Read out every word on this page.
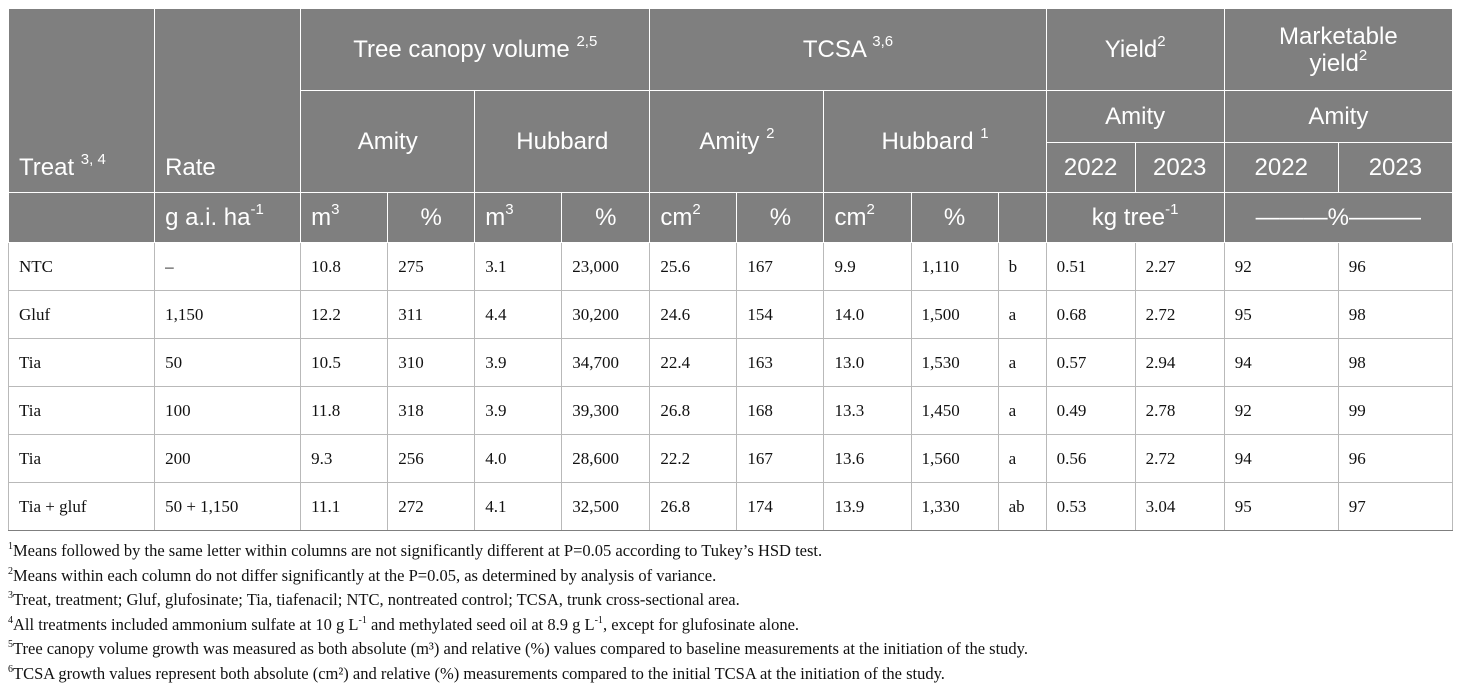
Treat $^{3, 4}$	Rate	Tree canopy volume $^{2,5}$				TCSA $^{3,6}$					Yield$^2$		Marketable
yield$^2$
		Amity		Hubbard		Amity $^2$		Hubbard $^1$			Amity		Amity	
											2022	2023	2022	2023
	g a.i. $ha^{-1}$	$m^3$	%	$m^3$	%	$cm^2$	%	$cm^2$	%		kg tree$^{-1}$		———%———	
NTC	–	10.8	275	3.1	23,000	25.6	167	9.9	1,110	b	0.51	2.27	92	96
Gluf	1,150	12.2	311	4.4	30,200	24.6	154	14.0	1,500	a	0.68	2.72	95	98
Tia	50	10.5	310	3.9	34,700	22.4	163	13.0	1,530	a	0.57	2.94	94	98
Tia	100	11.8	318	3.9	39,300	26.8	168	13.3	1,450	a	0.49	2.78	92	99
Tia	200	9.3	256	4.0	28,600	22.2	167	13.6	1,560	a	0.56	2.72	94	96
Tia + gluf	50 + 1,150	11.1	272	4.1	32,500	26.8	174	13.9	1,330	ab	0.53	3.04	95	97
$^1$Means followed by the same letter within columns are not significantly different at P=0.05 according to Tukey’s HSD test.
$^2$Means within each column do not differ significantly at the P=0.05, as determined by analysis of variance.
$^3$Treat, treatment; Gluf, glufosinate; Tia, tiafenacil; NTC, nontreated control; TCSA, trunk cross-sectional area.
$^4$All treatments included ammonium sulfate at 10 g $L^{-1}$ and methylated seed oil at 8.9 g $L^{-1}$, except for glufosinate alone.
$^5$Tree canopy volume growth was measured as both absolute (m³) and relative (%) values compared to baseline measurements at the initiation of the study.
$^6$TCSA growth values represent both absolute (cm²) and relative (%) measurements compared to the initial TCSA at the initiation of the study.
